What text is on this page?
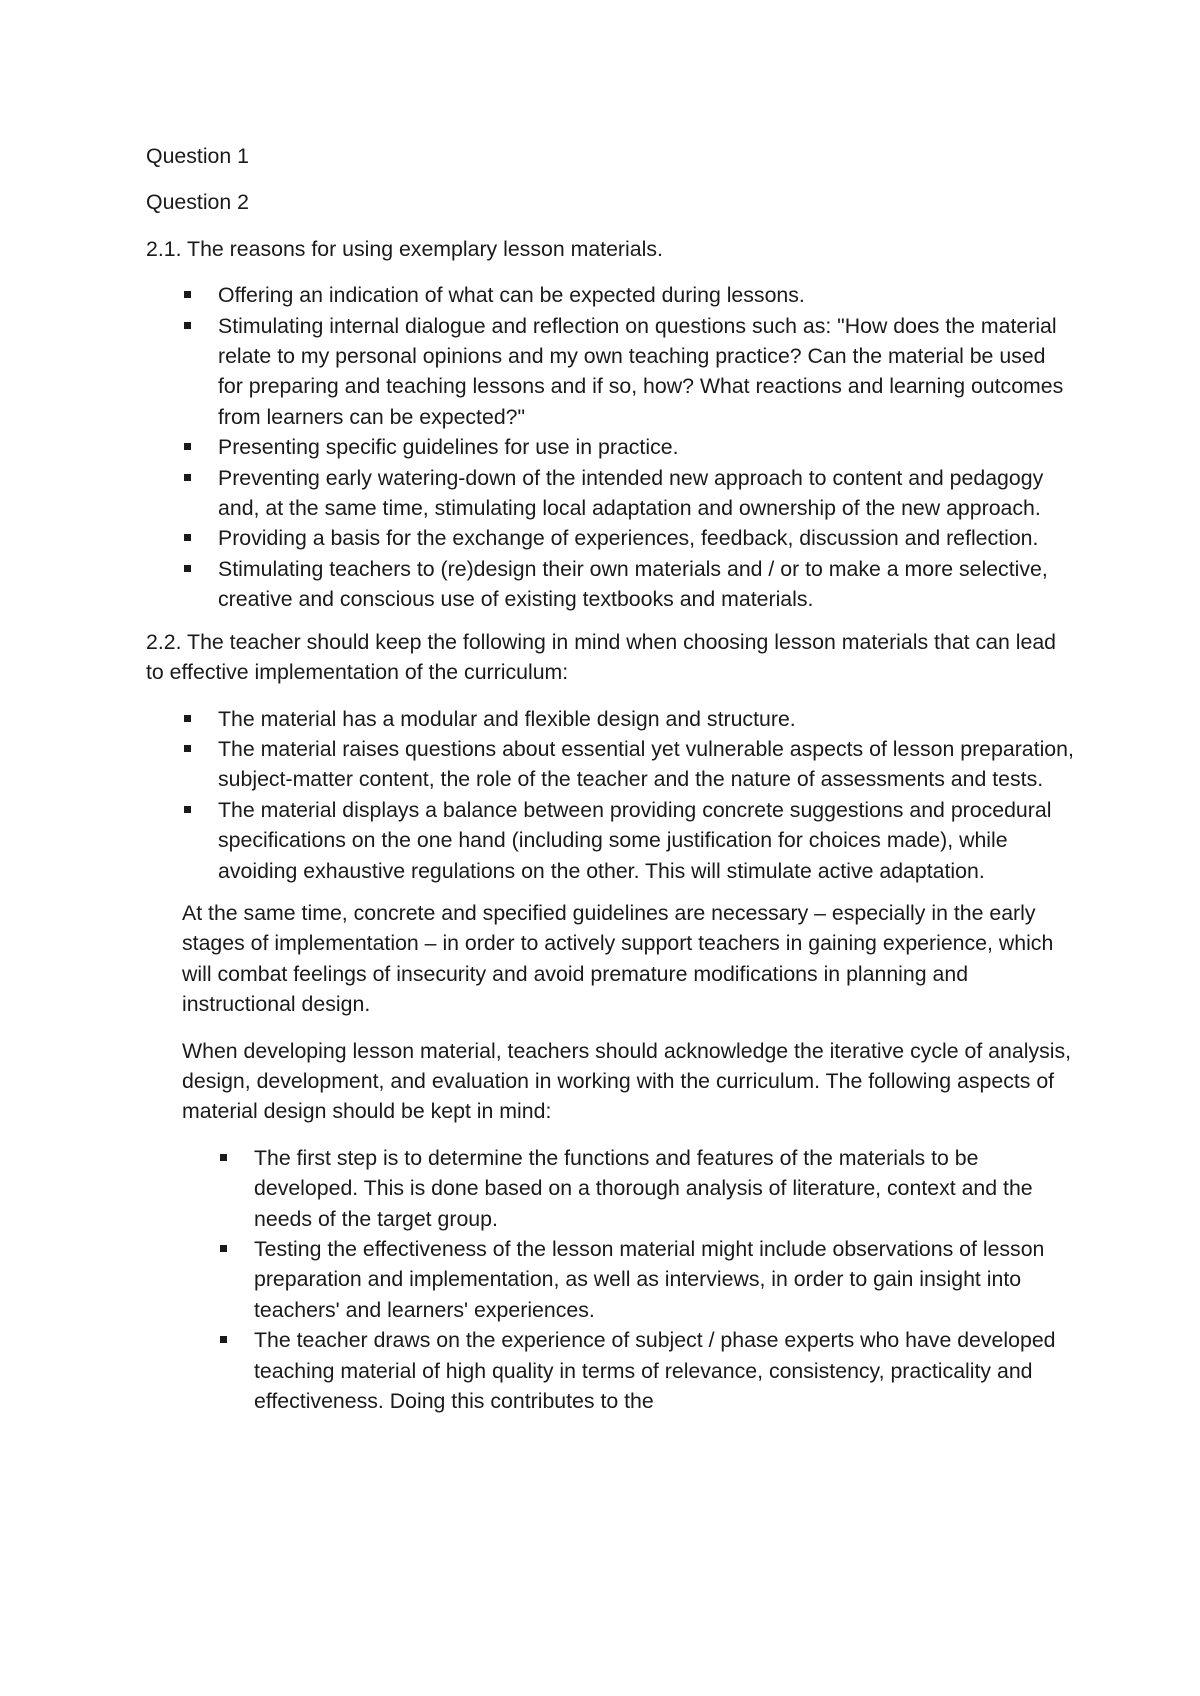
Question 1

Question 2

2.1. The reasons for using exemplary lesson materials.

Offering an indication of what can be expected during lessons.
Stimulating internal dialogue and reflection on questions such as: "How does the material relate to my personal opinions and my own teaching practice? Can the material be used for preparing and teaching lessons and if so, how? What reactions and learning outcomes from learners can be expected?"
Presenting specific guidelines for use in practice.
Preventing early watering-down of the intended new approach to content and pedagogy and, at the same time, stimulating local adaptation and ownership of the new approach.
Providing a basis for the exchange of experiences, feedback, discussion and reflection.
Stimulating teachers to (re)design their own materials and / or to make a more selective, creative and conscious use of existing textbooks and materials.

2.2. The teacher should keep the following in mind when choosing lesson materials that can lead to effective implementation of the curriculum:

The material has a modular and flexible design and structure.
The material raises questions about essential yet vulnerable aspects of lesson preparation, subject-matter content, the role of the teacher and the nature of assessments and tests.
The material displays a balance between providing concrete suggestions and procedural specifications on the one hand (including some justification for choices made), while avoiding exhaustive regulations on the other. This will stimulate active adaptation.

At the same time, concrete and specified guidelines are necessary – especially in the early stages of implementation – in order to actively support teachers in gaining experience, which will combat feelings of insecurity and avoid premature modifications in planning and instructional design.

When developing lesson material, teachers should acknowledge the iterative cycle of analysis, design, development, and evaluation in working with the curriculum. The following aspects of material design should be kept in mind:

The first step is to determine the functions and features of the materials to be developed. This is done based on a thorough analysis of literature, context and the needs of the target group.
Testing the effectiveness of the lesson material might include observations of lesson preparation and implementation, as well as interviews, in order to gain insight into teachers' and learners' experiences.
The teacher draws on the experience of subject / phase experts who have developed teaching material of high quality in terms of relevance, consistency, practicality and effectiveness. Doing this contributes to the
